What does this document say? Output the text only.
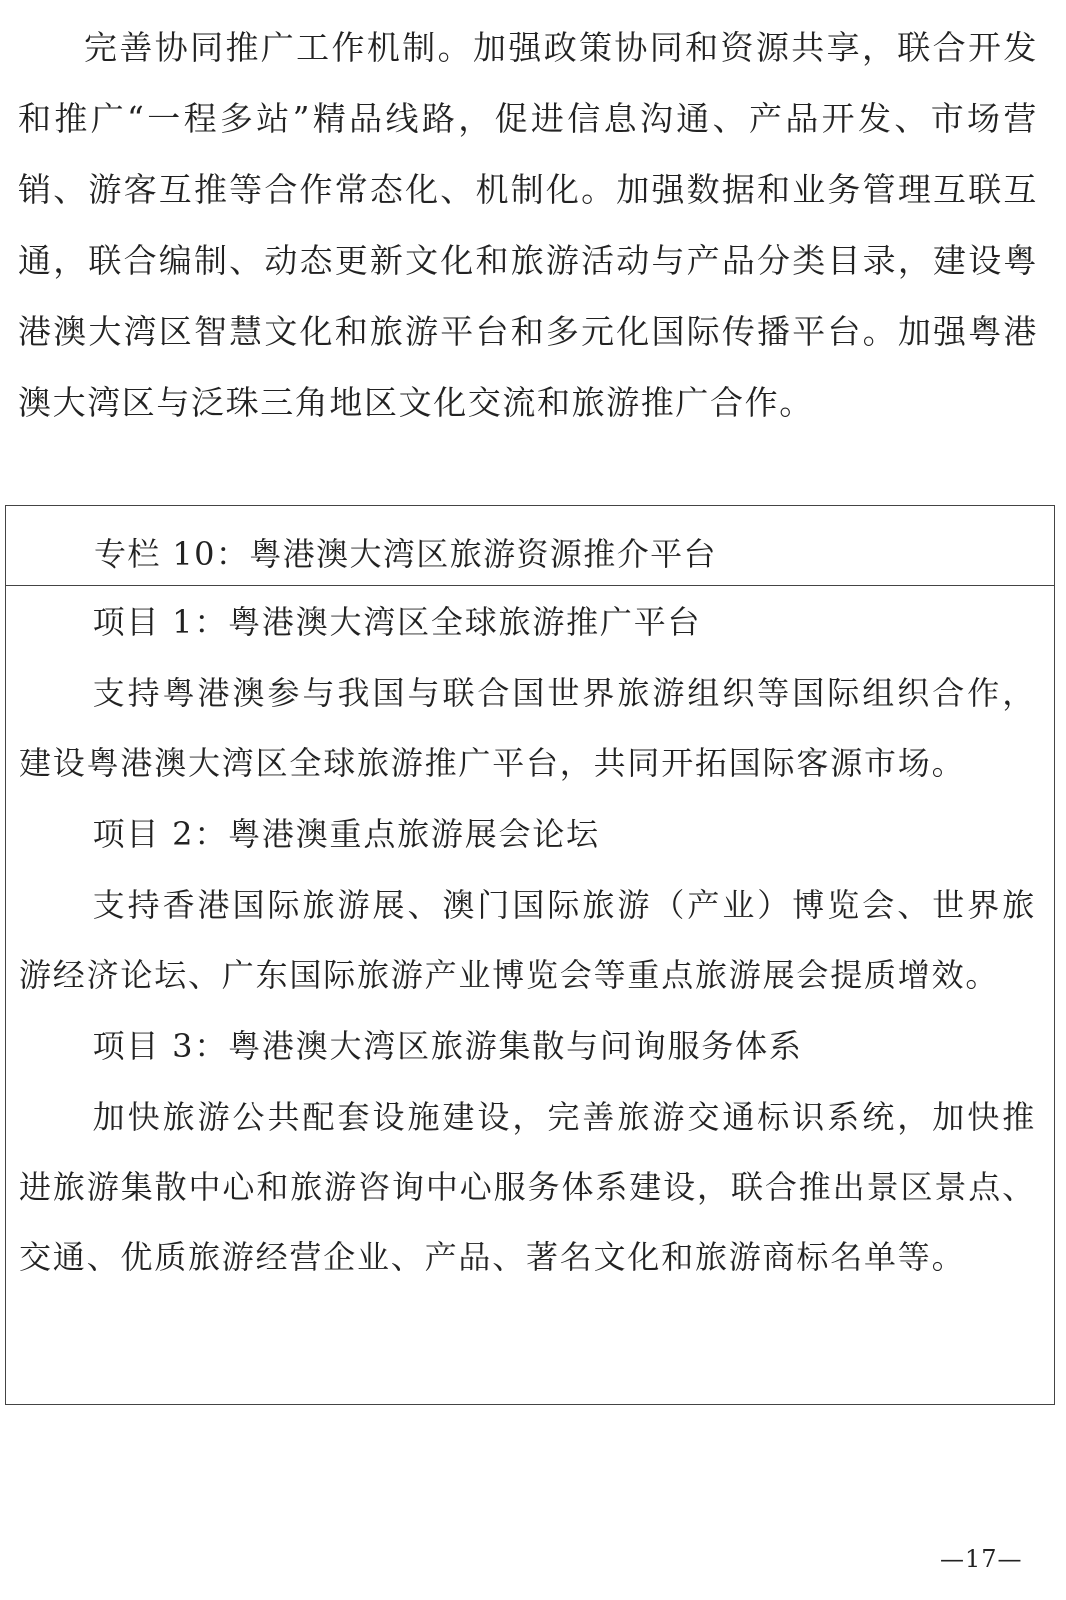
完善协同推广工作机制。加强政策协同和资源共享，联合开发和推广“一程多站”精品线路，促进信息沟通、产品开发、市场营销、游客互推等合作常态化、机制化。加强数据和业务管理互联互通，联合编制、动态更新文化和旅游活动与产品分类目录，建设粤港澳大湾区智慧文化和旅游平台和多元化国际传播平台。加强粤港澳大湾区与泛珠三角地区文化交流和旅游推广合作。

专栏 10：粤港澳大湾区旅游资源推介平台

项目 1：粤港澳大湾区全球旅游推广平台

支持粤港澳参与我国与联合国世界旅游组织等国际组织合作，建设粤港澳大湾区全球旅游推广平台，共同开拓国际客源市场。

项目 2：粤港澳重点旅游展会论坛

支持香港国际旅游展、澳门国际旅游（产业）博览会、世界旅游经济论坛、广东国际旅游产业博览会等重点旅游展会提质增效。

项目 3：粤港澳大湾区旅游集散与问询服务体系

加快旅游公共配套设施建设，完善旅游交通标识系统，加快推进旅游集散中心和旅游咨询中心服务体系建设，联合推出景区景点、交通、优质旅游经营企业、产品、著名文化和旅游商标名单等。

—17—
